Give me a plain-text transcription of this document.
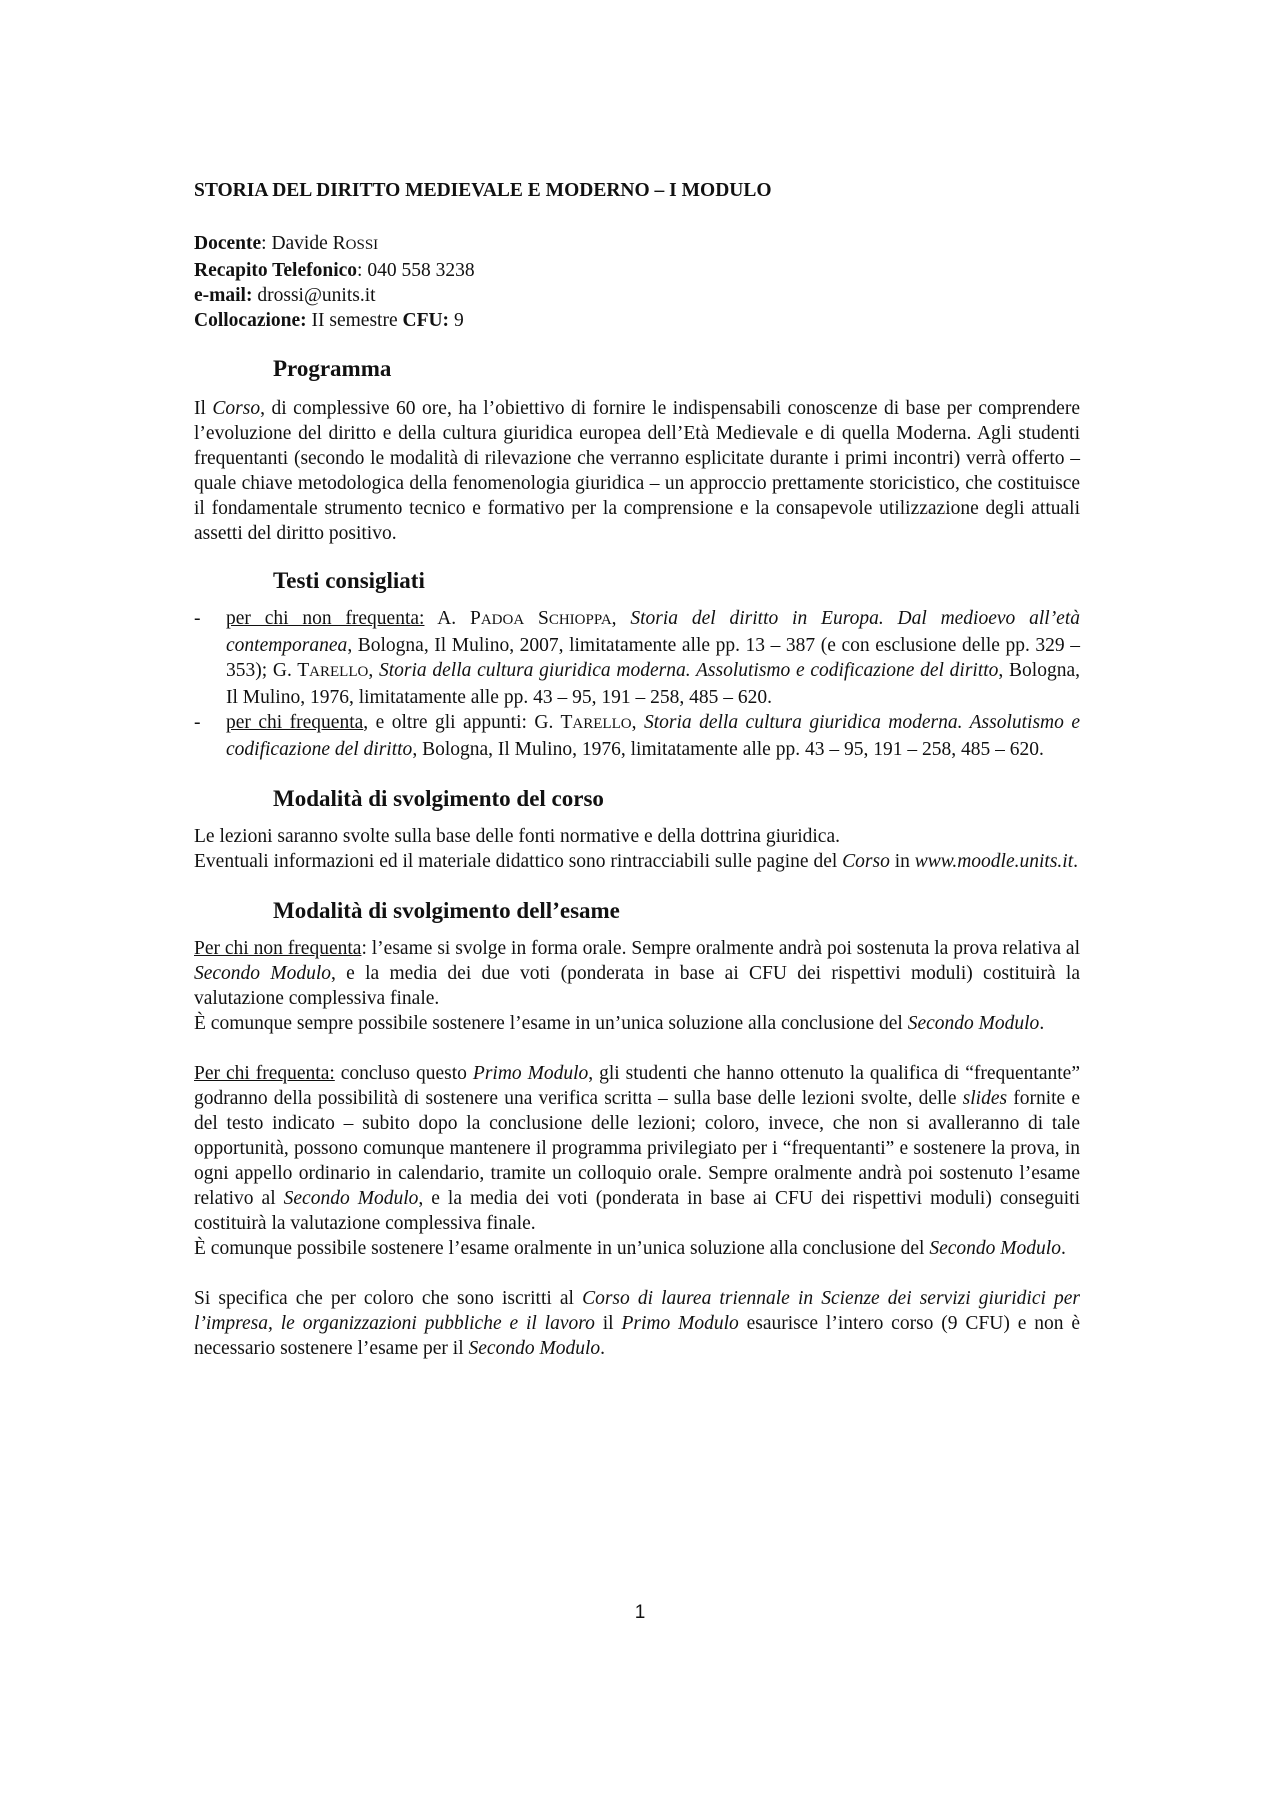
STORIA DEL DIRITTO MEDIEVALE E MODERNO – I MODULO
Docente: Davide ROSSI
Recapito Telefonico: 040 558 3238
e-mail: drossi@units.it
Collocazione: II semestre CFU: 9
Programma

Il Corso, di complessive 60 ore, ha l’obiettivo di fornire le indispensabili conoscenze di base per comprendere l’evoluzione del diritto e della cultura giuridica europea dell’Età Medievale e di quella Moderna. Agli studenti frequentanti (secondo le modalità di rilevazione che verranno esplicitate durante i primi incontri) verrà offerto – quale chiave metodologica della fenomenologia giuridica – un approccio prettamente storicistico, che costituisce il fondamentale strumento tecnico e formativo per la comprensione e la consapevole utilizzazione degli attuali assetti del diritto positivo.

Testi consigliati
- per chi non frequenta: A. PADOA SCHIOPPA, Storia del diritto in Europa. Dal medioevo all’età contemporanea, Bologna, Il Mulino, 2007, limitatamente alle pp. 13 – 387 (e con esclusione delle pp. 329 – 353); G. TARELLO, Storia della cultura giuridica moderna. Assolutismo e codificazione del diritto, Bologna, Il Mulino, 1976, limitatamente alle pp. 43 – 95, 191 – 258, 485 – 620.
- per chi frequenta, e oltre gli appunti: G. TARELLO, Storia della cultura giuridica moderna. Assolutismo e codificazione del diritto, Bologna, Il Mulino, 1976, limitatamente alle pp. 43 – 95, 191 – 258, 485 – 620.
Modalità di svolgimento del corso

Le lezioni saranno svolte sulla base delle fonti normative e della dottrina giuridica.

Eventuali informazioni ed il materiale didattico sono rintracciabili sulle pagine del Corso in www.moodle.units.it.

Modalità di svolgimento dell’esame

Per chi non frequenta: l’esame si svolge in forma orale. Sempre oralmente andrà poi sostenuta la prova relativa al Secondo Modulo, e la media dei due voti (ponderata in base ai CFU dei rispettivi moduli) costituirà la valutazione complessiva finale.

È comunque sempre possibile sostenere l’esame in un’unica soluzione alla conclusione del Secondo Modulo.

Per chi frequenta: concluso questo Primo Modulo, gli studenti che hanno ottenuto la qualifica di “frequentante” godranno della possibilità di sostenere una verifica scritta – sulla base delle lezioni svolte, delle slides fornite e del testo indicato – subito dopo la conclusione delle lezioni; coloro, invece, che non si avalleranno di tale opportunità, possono comunque mantenere il programma privilegiato per i “frequentanti” e sostenere la prova, in ogni appello ordinario in calendario, tramite un colloquio orale. Sempre oralmente andrà poi sostenuto l’esame relativo al Secondo Modulo, e la media dei voti (ponderata in base ai CFU dei rispettivi moduli) conseguiti costituirà la valutazione complessiva finale.

È comunque possibile sostenere l’esame oralmente in un’unica soluzione alla conclusione del Secondo Modulo.

Si specifica che per coloro che sono iscritti al Corso di laurea triennale in Scienze dei servizi giuridici per l’impresa, le organizzazioni pubbliche e il lavoro il Primo Modulo esaurisce l’intero corso (9 CFU) e non è necessario sostenere l’esame per il Secondo Modulo.

1
